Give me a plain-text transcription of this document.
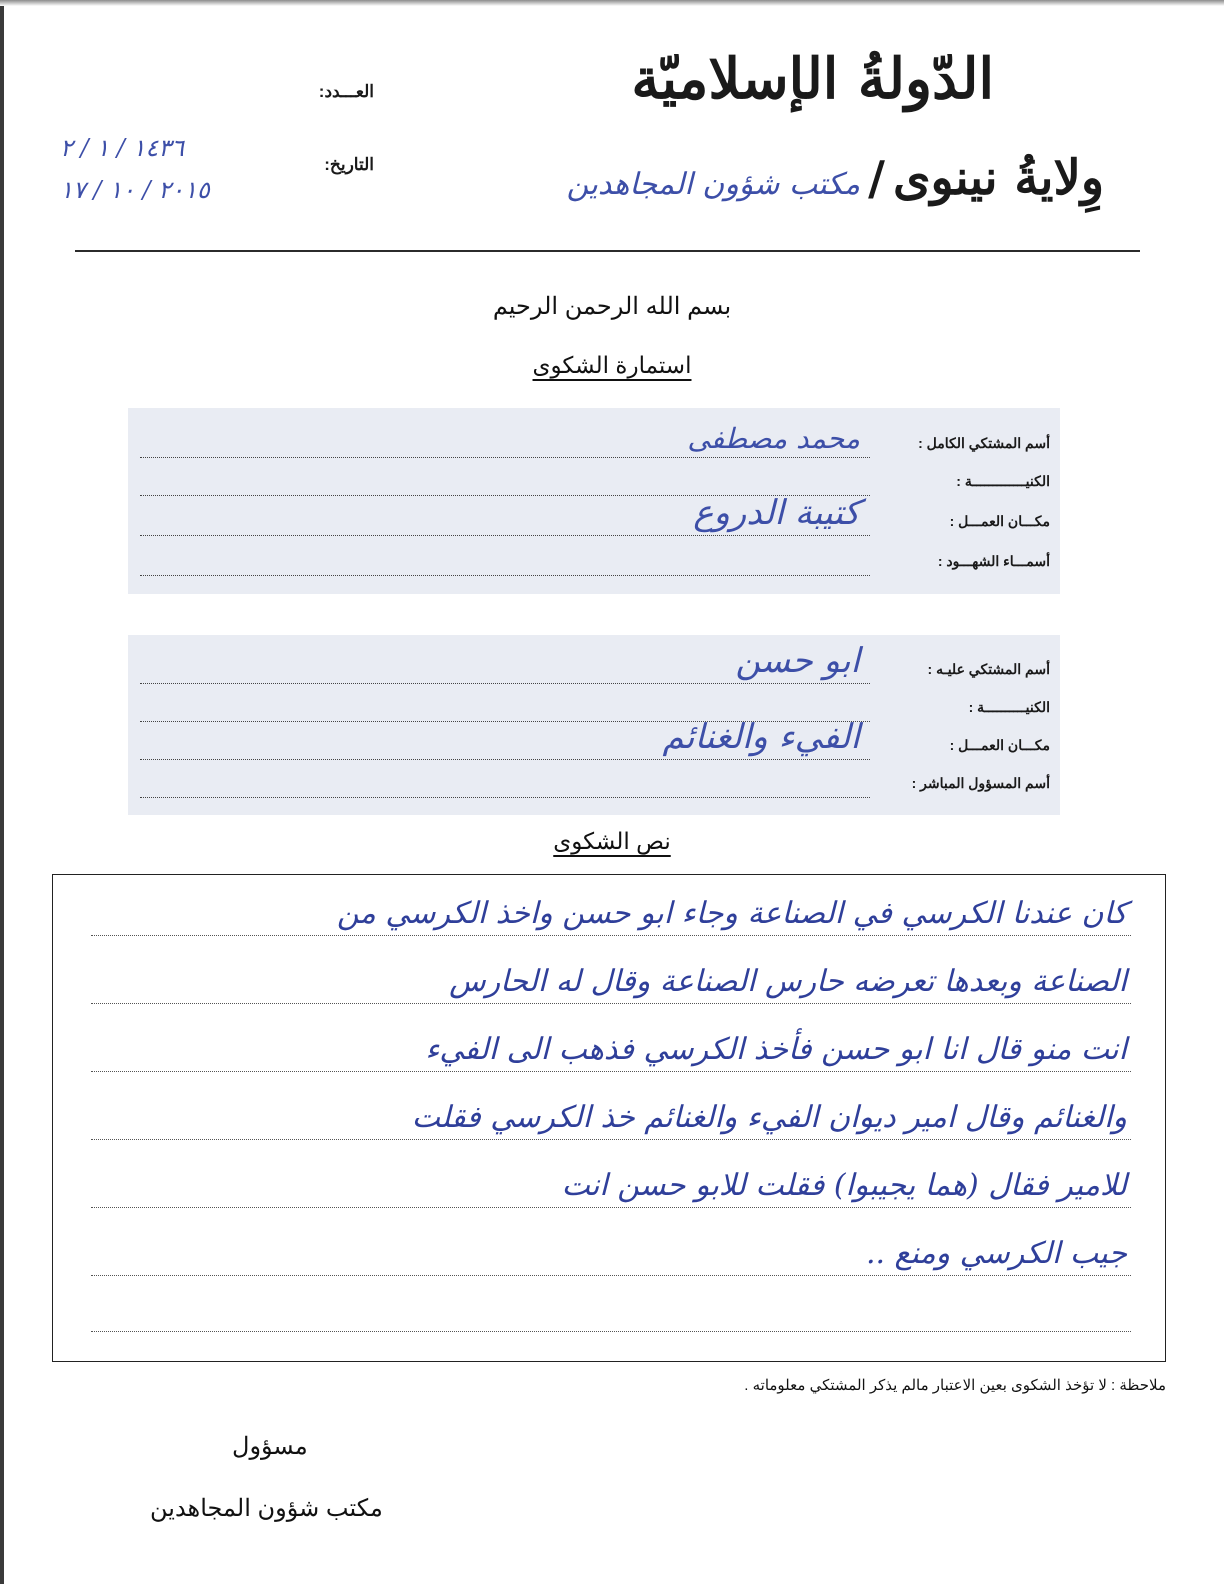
الدّولةُ الإسلاميّة
وِلايةُ نينوى
/
مكتب شؤون المجاهدين
العـــدد:
التاريخ:
١٤٣٦ / ١ / ٢
٢٠١٥ / ١٠ / ١٧
بسم الله الرحمن الرحيم
استمارة الشكوى
أسم المشتكي الكامل :
محمد مصطفى
الكنيـــــــــــــة :
مكـــان العمـــل :
كتيبة الدروع
أسمـــاء الشهـــود :
أسم المشتكي عليـه :
ابو حسن
الكنيــــــــــة :
مكـــان العمـــل :
الفيء والغنائم
أسم المسؤول المباشر :
نص الشكوى
كان عندنا الكرسي في الصناعة وجاء ابو حسن واخذ الكرسي من
الصناعة وبعدها تعرضه حارس الصناعة وقال له الحارس
انت منو قال انا ابو حسن فأخذ الكرسي فذهب الى الفيء
والغنائم وقال امير ديوان الفيء والغنائم خذ الكرسي فقلت
للامير فقال (هما يجيبوا) فقلت للابو حسن انت
جيب الكرسي ومنع ..
ملاحظة : لا تؤخذ الشكوى بعين الاعتبار مالم يذكر المشتكي معلوماته .
مسؤول
مكتب شؤون المجاهدين
